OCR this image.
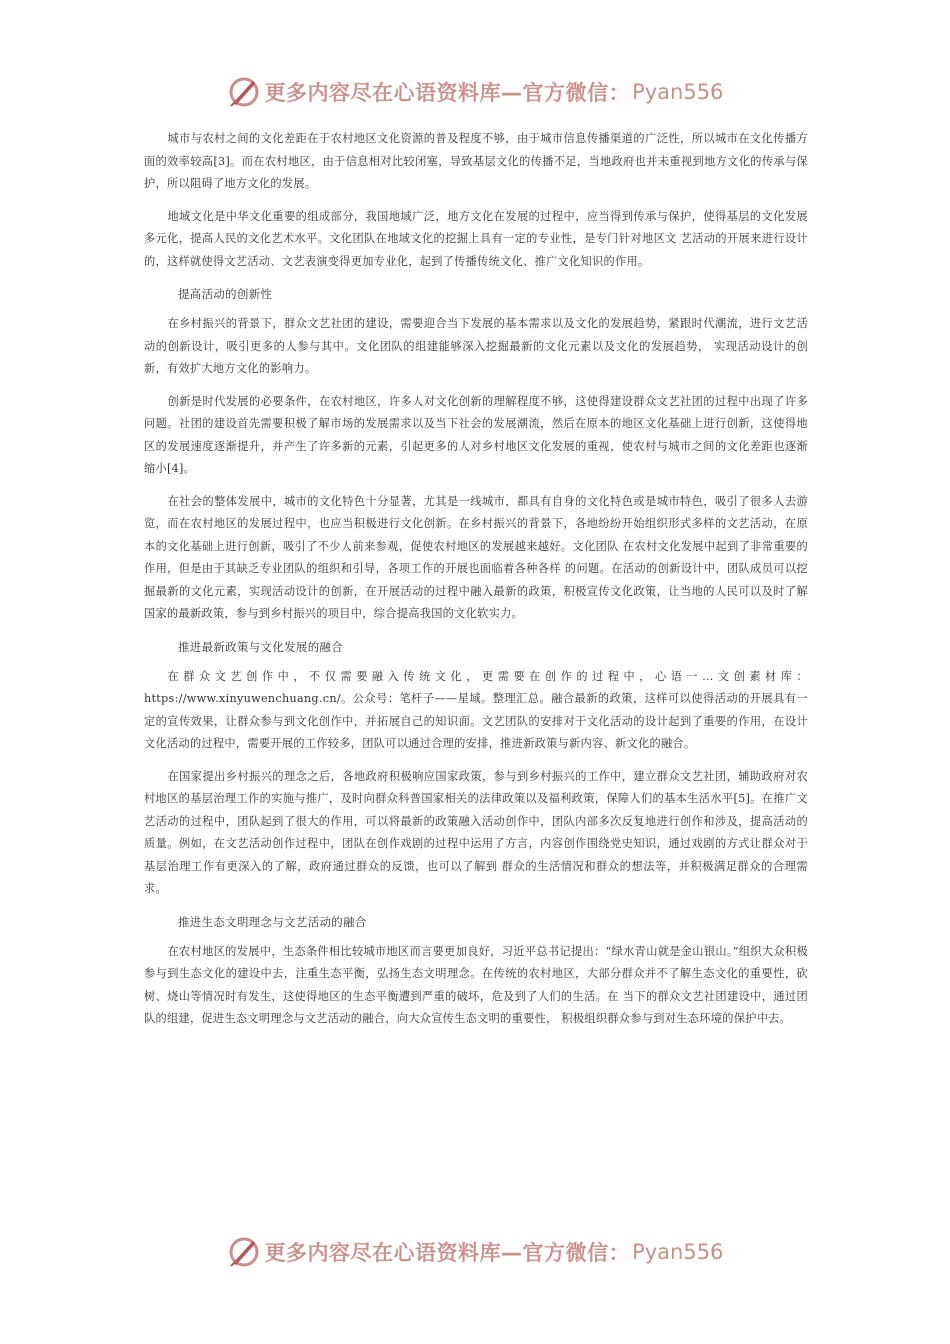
更多内容尽在心语资料库—官方微信： Pyan556

城市与农村之间的文化差距在于农村地区文化资源的普及程度不够，由于城市信息传播渠道的广泛性，所以城市在文化传播方面的效率较高[3]。而在农村地区，由于信息相对比较闭塞，导致基层文化的传播不足，当地政府也并未重视到地方文化的传承与保护，所以阻碍了地方文化的发展。

地域文化是中华文化重要的组成部分，我国地域广泛，地方文化在发展的过程中，应当得到传承与保护，使得基层的文化发展多元化，提高人民的文化艺术水平。文化团队在地域文化的挖掘上具有一定的专业性，是专门针对地区文 艺活动的开展来进行设计的，这样就使得文艺活动、文艺表演变得更加专业化，起到了传播传统文化、推广文化知识的作用。

提高活动的创新性

在乡村振兴的背景下，群众文艺社团的建设，需要迎合当下发展的基本需求以及文化的发展趋势，紧跟时代潮流，进行文艺活动的创新设计，吸引更多的人参与其中。文化团队的组建能够深入挖掘最新的文化元素以及文化的发展趋势， 实现活动设计的创新，有效扩大地方文化的影响力。

创新是时代发展的必要条件，在农村地区，许多人对文化创新的理解程度不够，这使得建设群众文艺社团的过程中出现了许多问题。社团的建设首先需要积极了解市场的发展需求以及当下社会的发展潮流，然后在原本的地区文化基础上进行创新，这使得地区的发展速度逐渐提升，并产生了许多新的元素，引起更多的人对乡村地区文化发展的重视，使农村与城市之间的文化差距也逐渐缩小[4]。

在社会的整体发展中，城市的文化特色十分显著，尤其是一线城市，都具有自身的文化特色或是城市特色，吸引了很多人去游览，而在农村地区的发展过程中，也应当积极进行文化创新。在乡村振兴的背景下，各地纷纷开始组织形式多样的文艺活动，在原本的文化基础上进行创新，吸引了不少人前来参观，促使农村地区的发展越来越好。文化团队 在农村文化发展中起到了非常重要的作用，但是由于其缺乏专业团队的组织和引导，各项工作的开展也面临着各种各样 的问题。在活动的创新设计中，团队成员可以挖掘最新的文化元素，实现活动设计的创新，在开展活动的过程中融入最新的政策，积极宣传文化政策，让当地的人民可以及时了解国家的最新政策，参与到乡村振兴的项目中，综合提高我国的文化软实力。

推进最新政策与文化发展的融合

在群众文艺创作中，不仅需要融入传统文化，更需要在创作的过程中，心语一…文创素材库：https://www.xinyuwenchuang.cn/。公众号：笔杆子——星域。整理汇总。融合最新的政策，这样可以使得活动的开展具有一定的宣传效果，让群众参与到文化创作中，并拓展自己的知识面。文艺团队的安排对于文化活动的设计起到了重要的作用，在设计文化活动的过程中，需要开展的工作较多，团队可以通过合理的安排，推进新政策与新内容、新文化的融合。

在国家提出乡村振兴的理念之后，各地政府积极响应国家政策，参与到乡村振兴的工作中，建立群众文艺社团，辅助政府对农村地区的基层治理工作的实施与推广，及时向群众科普国家相关的法律政策以及福利政策，保障人们的基本生活水平[5]。在推广文艺活动的过程中，团队起到了很大的作用，可以将最新的政策融入活动创作中，团队内部多次反复地进行创作和涉及，提高活动的质量。例如，在文艺活动创作过程中，团队在创作戏剧的过程中运用了方言，内容创作围绕党史知识，通过戏剧的方式让群众对于基层治理工作有更深入的了解，政府通过群众的反馈，也可以了解到 群众的生活情况和群众的想法等，并积极满足群众的合理需求。

推进生态文明理念与文艺活动的融合

在农村地区的发展中，生态条件相比较城市地区而言要更加良好，习近平总书记提出：“绿水青山就是金山银山。”组织大众积极参与到生态文化的建设中去，注重生态平衡，弘扬生态文明理念。在传统的农村地区，大部分群众并不了解生态文化的重要性，砍树、烧山等情况时有发生，这使得地区的生态平衡遭到严重的破坏，危及到了人们的生活。在 当下的群众文艺社团建设中，通过团队的组建，促进生态文明理念与文艺活动的融合，向大众宣传生态文明的重要性， 积极组织群众参与到对生态环境的保护中去。

更多内容尽在心语资料库—官方微信： Pyan556
